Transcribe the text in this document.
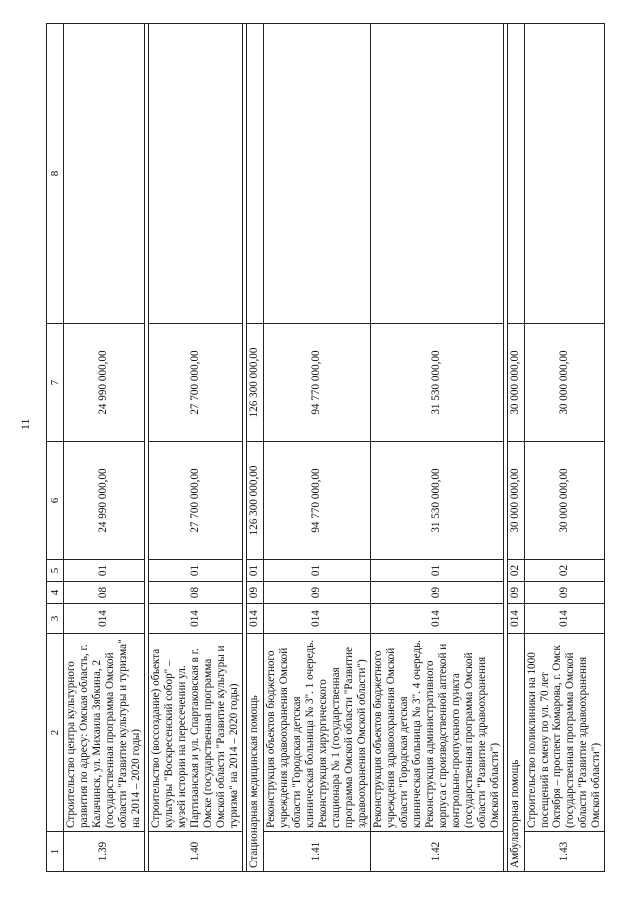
11
1	2	3	4	5	6	7	8
1.39	Строительство центра культурного развития по адресу: Омская область, г. Калачинск, ул. Михаила Зябкина, 2 (государственная программа Омской области "Развитие культуры и туризма" на 2014 – 2020 годы)	014	08	01	24 990 000,00	24 990 000,00	

1.40	Строительство (воссоздание) объекта культуры "Воскресенский собор" – музей истории на пересечении ул. Партизанская и ул. Спартаковская в г. Омске (государственная программа Омской области "Развитие культуры и туризма" на 2014 – 2020 годы)	014	08	01	27 700 000,00	27 700 000,00	

Стационарная медицинская помощь		014	09	01	126 300 000,00	126 300 000,00	
1.41	Реконструкция объектов бюджетного учреждения здравоохранения Омской области "Городская детская клиническая больница № 3". 1 очередь. Реконструкция хирургического стационара № 1 (государственная программа Омской области "Развитие здравоохранения Омской области")	014	09	01	94 770 000,00	94 770 000,00	
1.42	Реконструкция объектов бюджетного учреждения здравоохранения Омской области "Городская детская клиническая больница № 3". 4 очередь. Реконструкция административного корпуса с производственной аптекой и контрольно-пропускного пункта (государственная программа Омской области "Развитие здравоохранения Омской области")	014	09	01	31 530 000,00	31 530 000,00	

Амбулаторная помощь		014	09	02	30 000 000,00	30 000 000,00	
1.43	Строительство поликлиники на 1000 посещений в смену по ул. 70 лет Октября – проспект Комарова, г. Омск (государственная программа Омской области "Развитие здравоохранения Омской области")	014	09	02	30 000 000,00	30 000 000,00	
